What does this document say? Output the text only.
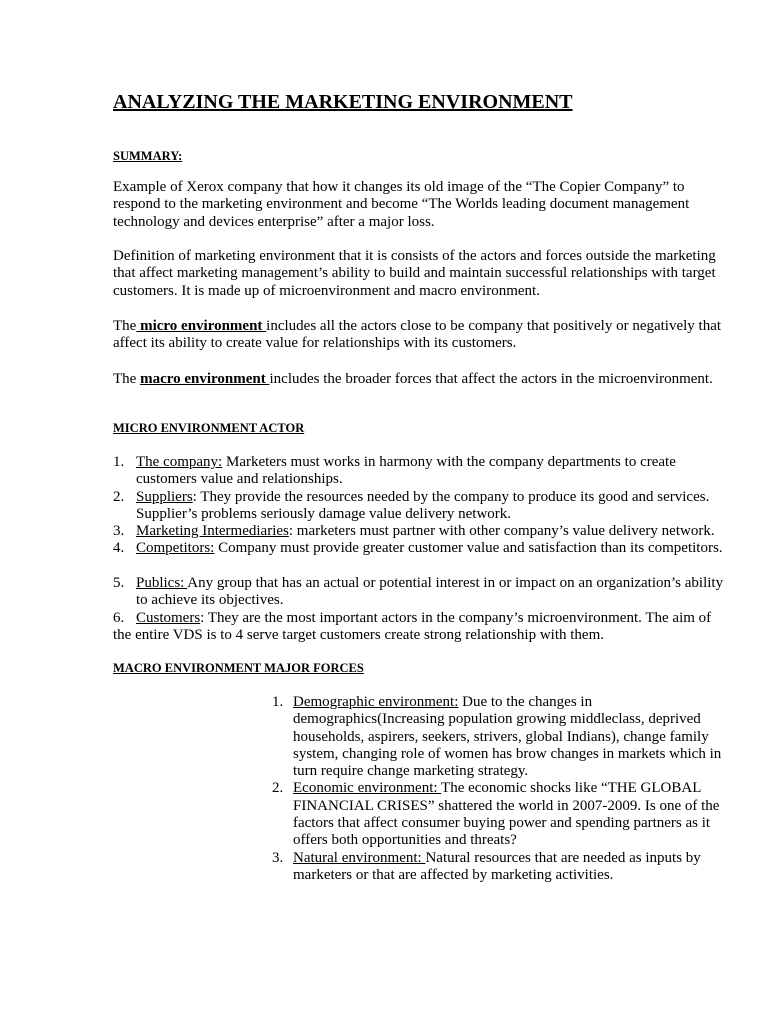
ANALYZING THE MARKETING ENVIRONMENT
SUMMARY:
Example of Xerox company that how it changes its old image of the “The Copier Company” to
respond to the marketing environment and become “The Worlds leading document management
technology and devices enterprise” after a major loss.
Definition of marketing environment that it is consists of the actors and forces outside the marketing
that affect marketing management’s ability to build and maintain successful relationships with target
customers. It is made up of microenvironment and macro environment.
The micro environment includes all the actors close to be company that positively or negatively that
affect its ability to create value for relationships with its customers.
The macro environment includes the broader forces that affect the actors in the microenvironment.
MICRO ENVIRONMENT ACTOR
1. The company: Marketers must works in harmony with the company departments to create
customers value and relationships.
2. Suppliers: They provide the resources needed by the company to produce its good and services.
Supplier’s problems seriously damage value delivery network.
3. Marketing Intermediaries: marketers must partner with other company’s value delivery network.
4. Competitors: Company must provide greater customer value and satisfaction than its competitors.
5. Publics: Any group that has an actual or potential interest in or impact on an organization’s ability
to achieve its objectives.
6. Customers: They are the most important actors in the company’s microenvironment. The aim of
the entire VDS is to 4 serve target customers create strong relationship with them.
MACRO ENVIRONMENT MAJOR FORCES
1. Demographic environment: Due to the changes in
demographics(Increasing population growing middleclass, deprived
households, aspirers, seekers, strivers, global Indians), change family
system, changing role of women has brow changes in markets which in
turn require change marketing strategy.
2. Economic environment: The economic shocks like “THE GLOBAL
FINANCIAL CRISES” shattered the world in 2007-2009. Is one of the
factors that affect consumer buying power and spending partners as it
offers both opportunities and threats?
3. Natural environment: Natural resources that are needed as inputs by
marketers or that are affected by marketing activities.
